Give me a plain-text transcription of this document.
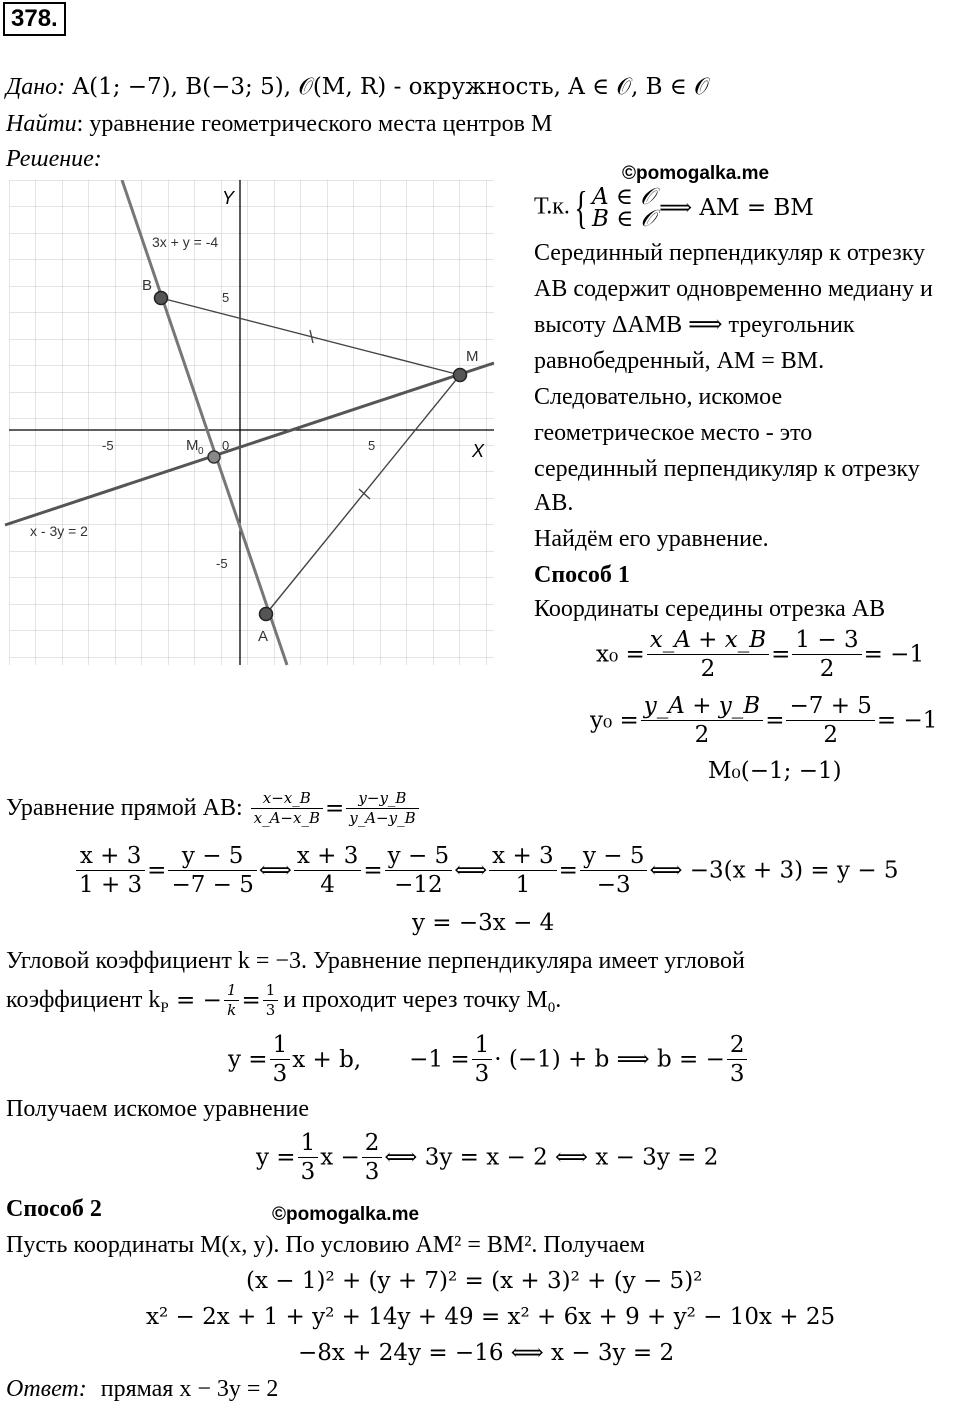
378.
Дано: A(1; −7), B(−3; 5), 𝒪(M, R) - окружность, A ∈ 𝒪, B ∈ 𝒪
Найти: уравнение геометрического места центров M
Решение:
©pomogalka.me
Y
X
-5	5
0
5
-5
3x + y = -4
x - 3y = 2
B
M
A
M 0
Т.к.{ A ∈ 𝒪
B ∈ 𝒪 ⟹ AM = BM
Серединный перпендикуляр к отрезку
AB содержит одновременно медиану и
высоту ΔAMB ⟹ треугольник
равнобедренный, AM = BM.
Следовательно, искомое
геометрическое место - это
серединный перпендикуляр к отрезку
AB.
Найдём его уравнение.
Способ 1
Координаты середины отрезка AB
$x_0 = \frac{x\_A + x\_B}{2} = \frac{1 - 3}{2} = -1$
$y_0 = \frac{y\_A + y\_B}{2} = \frac{-7 + 5}{2} = -1$
M₀(−1; −1)
Уравнение прямой AB: $\frac{x-x\_B}{x\_A-x\_B} = \frac{y-y\_B}{y\_A-y\_B}$
$\frac{x + 3}{1 + 3} = \frac{y - 5}{-7 - 5}$ ⟺ $\frac{x + 3}{4} = \frac{y - 5}{-12}$ ⟺ $\frac{x + 3}{1} = \frac{y - 5}{-3}$ ⟺ −3(x + 3) = y − 5
y = −3x − 4
Угловой коэффициент k = −3. Уравнение перпендикуляра имеет угловой
коэффициент $k_P$ = − $\frac{1}{k} = \frac{1}{3}$ и проходит через точку $M_0$.
$y = \frac{1}{3}$ x + b, $-1 = \frac{1}{3} \cdot (-1) + b$ ⟹ b = − $\frac{2}{3}$
Получаем искомое уравнение
$y = \frac{1}{3}$ $x - \frac{2}{3}$ ⟺ 3y = x − 2 ⟺ x − 3y = 2
Способ 2	©pomogalka.me
Пусть координаты M(x, y). По условию AM² = BM². Получаем
(x − 1)² + (y + 7)² = (x + 3)² + (y − 5)²
x² − 2x + 1 + y² + 14y + 49 = x² + 6x + 9 + y² − 10x + 25
−8x + 24y = −16 ⟺ x − 3y = 2
Ответ: прямая x − 3y = 2
